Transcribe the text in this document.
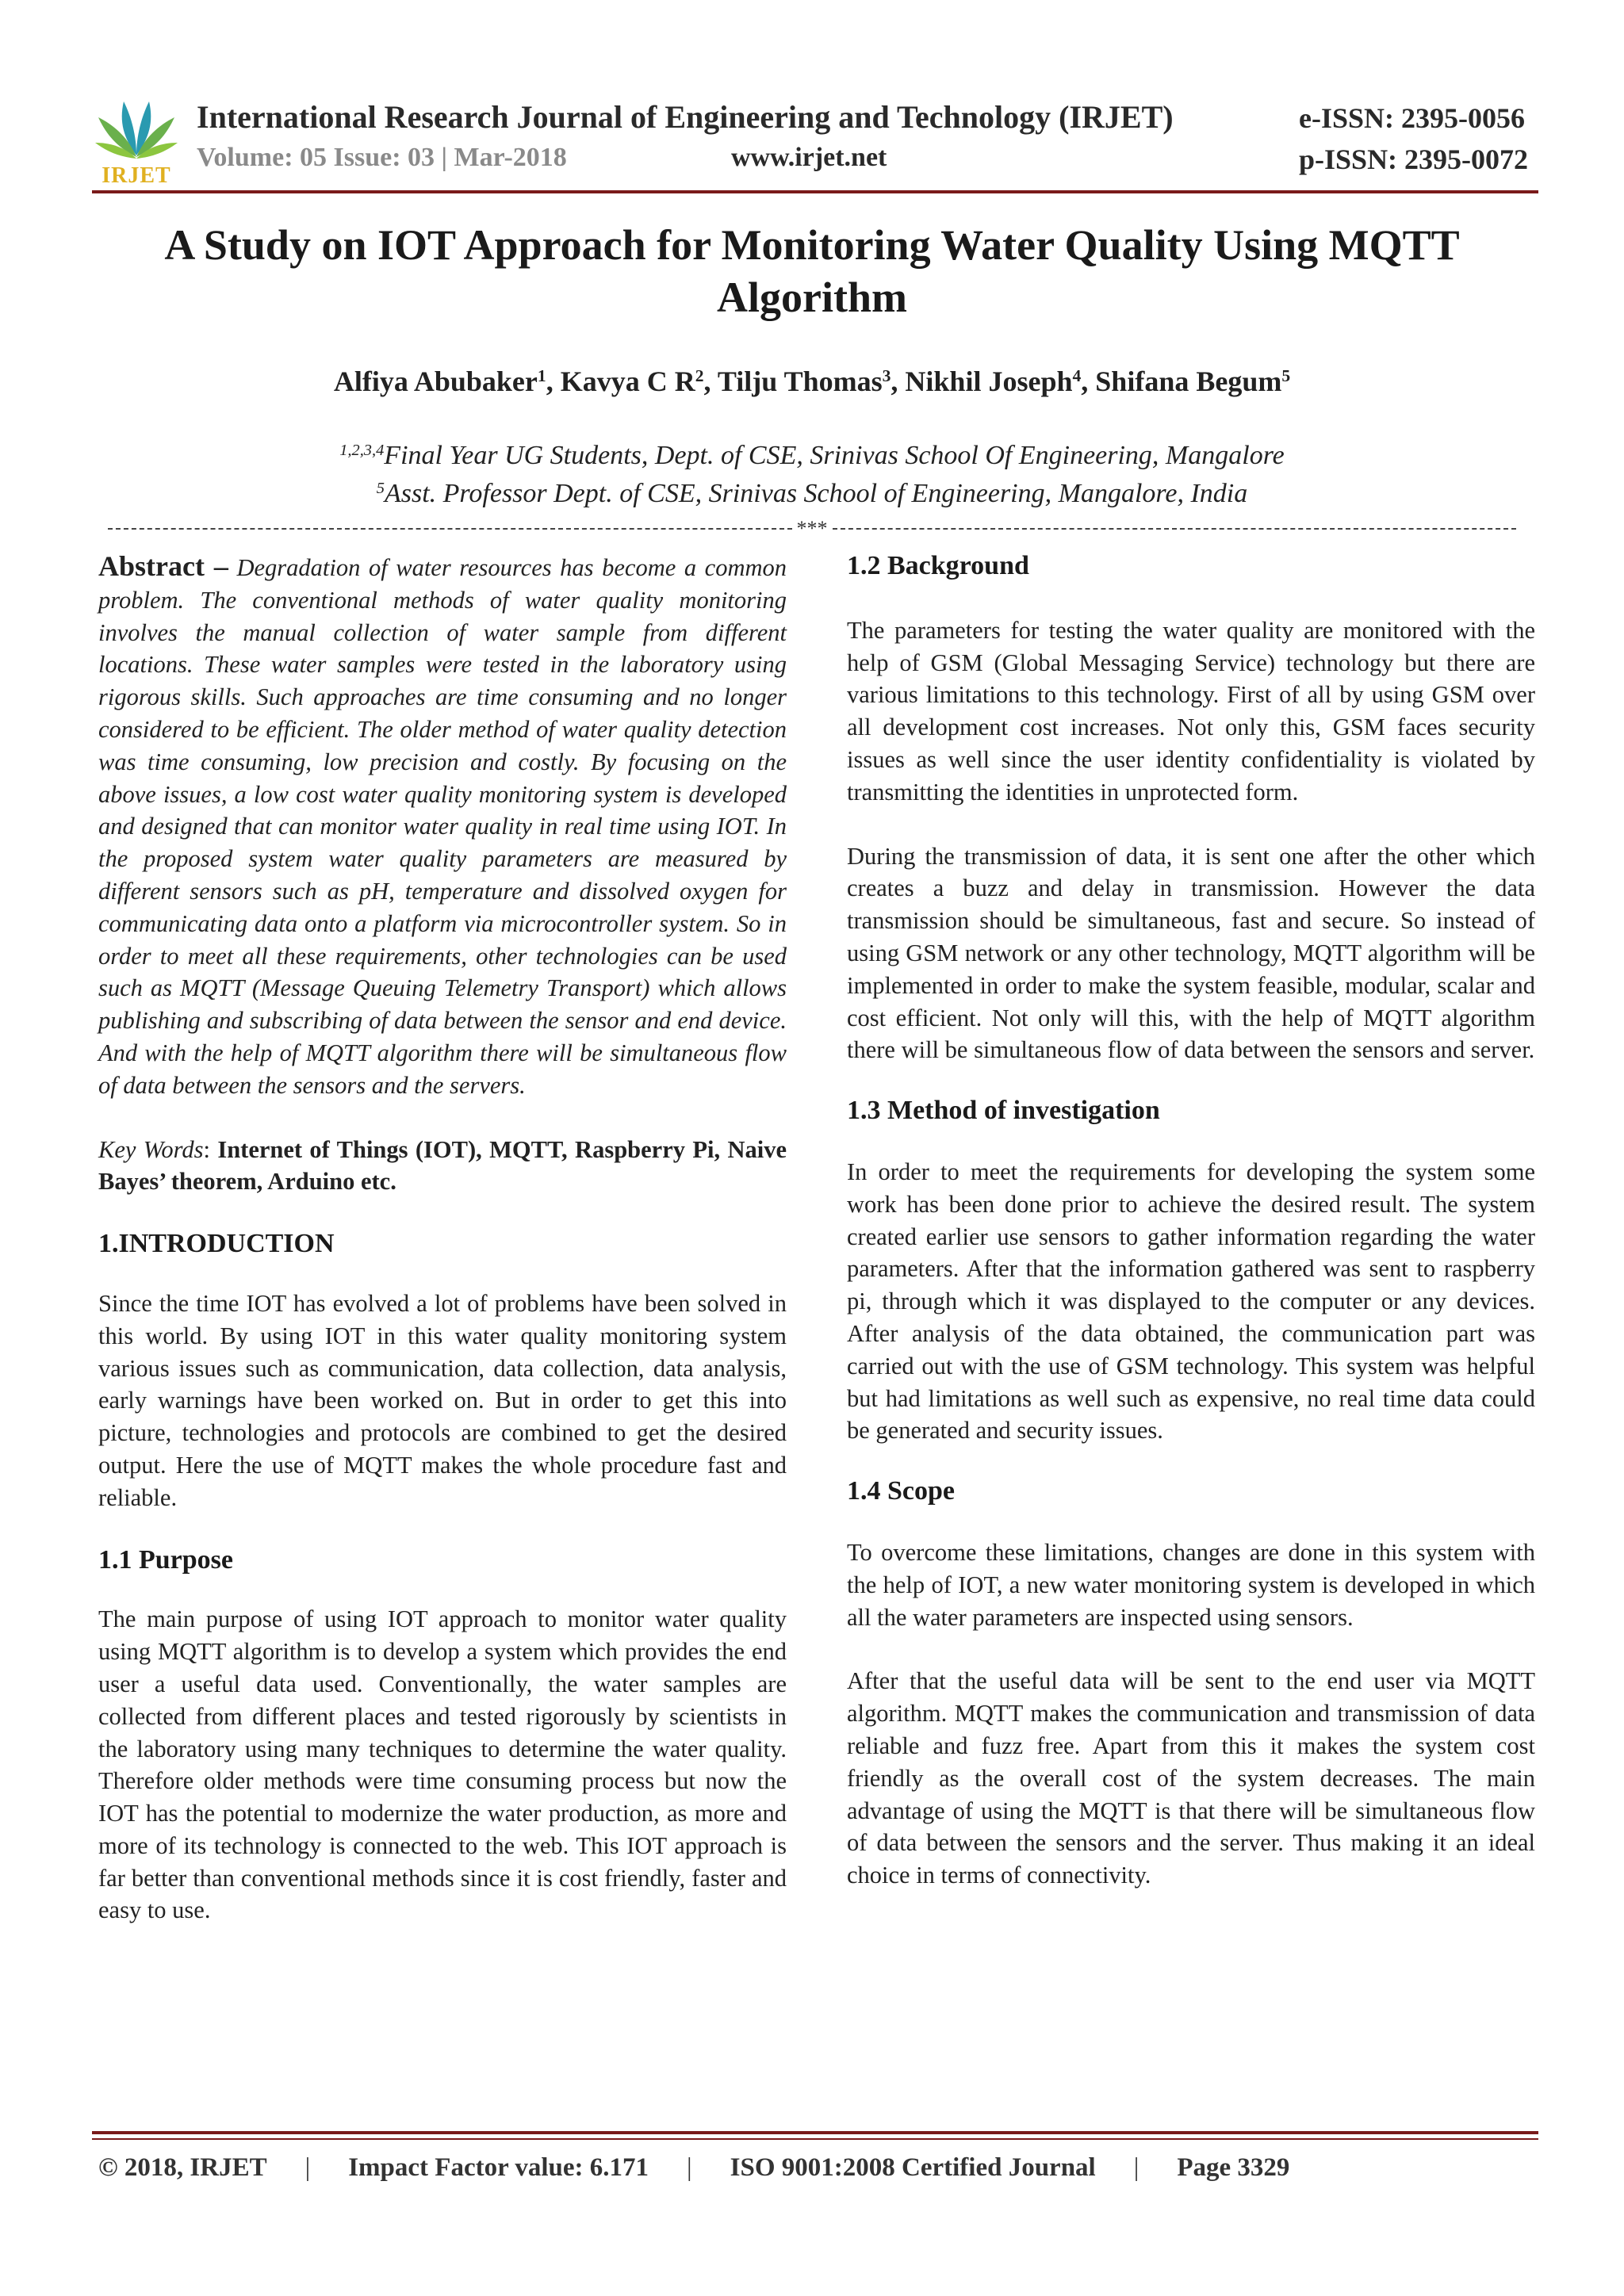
IRJET
International Research Journal of Engineering and Technology (IRJET)	e-ISSN: 2395-0056
Volume: 05 Issue: 03 | Mar-2018	www.irjet.net	p-ISSN: 2395-0072
A Study on IOT Approach for Monitoring Water Quality Using MQTT Algorithm
Alfiya Abubaker$^1$, Kavya C $R^2$, Tilju Thomas$^3$, Nikhil Joseph$^4$, Shifana Begum$^5$
$^{1,2,3,4}$Final Year UG Students, Dept. of CSE, Srinivas School Of Engineering, Mangalore
$^5$Asst. Professor Dept. of CSE, Srinivas School of Engineering, Mangalore, India
***

Abstract – Degradation of water resources has become a common problem. The conventional methods of water quality monitoring involves the manual collection of water sample from different locations. These water samples were tested in the laboratory using rigorous skills. Such approaches are time consuming and no longer considered to be efficient. The older method of water quality detection was time consuming, low precision and costly. By focusing on the above issues, a low cost water quality monitoring system is developed and designed that can monitor water quality in real time using IOT. In the proposed system water quality parameters are measured by different sensors such as pH, temperature and dissolved oxygen for communicating data onto a platform via microcontroller system. So in order to meet all these requirements, other technologies can be used such as MQTT (Message Queuing Telemetry Transport) which allows publishing and subscribing of data between the sensor and end device. And with the help of MQTT algorithm there will be simultaneous flow of data between the sensors and the servers.

Key Words: Internet of Things (IOT), MQTT, Raspberry Pi, Naive Bayes’ theorem, Arduino etc.

1.INTRODUCTION

Since the time IOT has evolved a lot of problems have been solved in this world. By using IOT in this water quality monitoring system various issues such as communication, data collection, data analysis, early warnings have been worked on. But in order to get this into picture, technologies and protocols are combined to get the desired output. Here the use of MQTT makes the whole procedure fast and reliable.

1.1 Purpose

The main purpose of using IOT approach to monitor water quality using MQTT algorithm is to develop a system which provides the end user a useful data used. Conventionally, the water samples are collected from different places and tested rigorously by scientists in the laboratory using many techniques to determine the water quality. Therefore older methods were time consuming process but now the IOT has the potential to modernize the water production, as more and more of its technology is connected to the web. This IOT approach is far better than conventional methods since it is cost friendly, faster and easy to use.

1.2 Background

The parameters for testing the water quality are monitored with the help of GSM (Global Messaging Service) technology but there are various limitations to this technology. First of all by using GSM over all development cost increases. Not only this, GSM faces security issues as well since the user identity confidentiality is violated by transmitting the identities in unprotected form.

During the transmission of data, it is sent one after the other which creates a buzz and delay in transmission. However the data transmission should be simultaneous, fast and secure. So instead of using GSM network or any other technology, MQTT algorithm will be implemented in order to make the system feasible, modular, scalar and cost efficient. Not only will this, with the help of MQTT algorithm there will be simultaneous flow of data between the sensors and server.

1.3 Method of investigation

In order to meet the requirements for developing the system some work has been done prior to achieve the desired result. The system created earlier use sensors to gather information regarding the water parameters. After that the information gathered was sent to raspberry pi, through which it was displayed to the computer or any devices. After analysis of the data obtained, the communication part was carried out with the use of GSM technology. This system was helpful but had limitations as well such as expensive, no real time data could be generated and security issues.

1.4 Scope

To overcome these limitations, changes are done in this system with the help of IOT, a new water monitoring system is developed in which all the water parameters are inspected using sensors.

After that the useful data will be sent to the end user via MQTT algorithm. MQTT makes the communication and transmission of data reliable and fuzz free. Apart from this it makes the system cost friendly as the overall cost of the system decreases. The main advantage of using the MQTT is that there will be simultaneous flow of data between the sensors and the server. Thus making it an ideal choice in terms of connectivity.

© 2018, IRJET | Impact Factor value: 6.171 | ISO 9001:2008 Certified Journal | Page 3329
